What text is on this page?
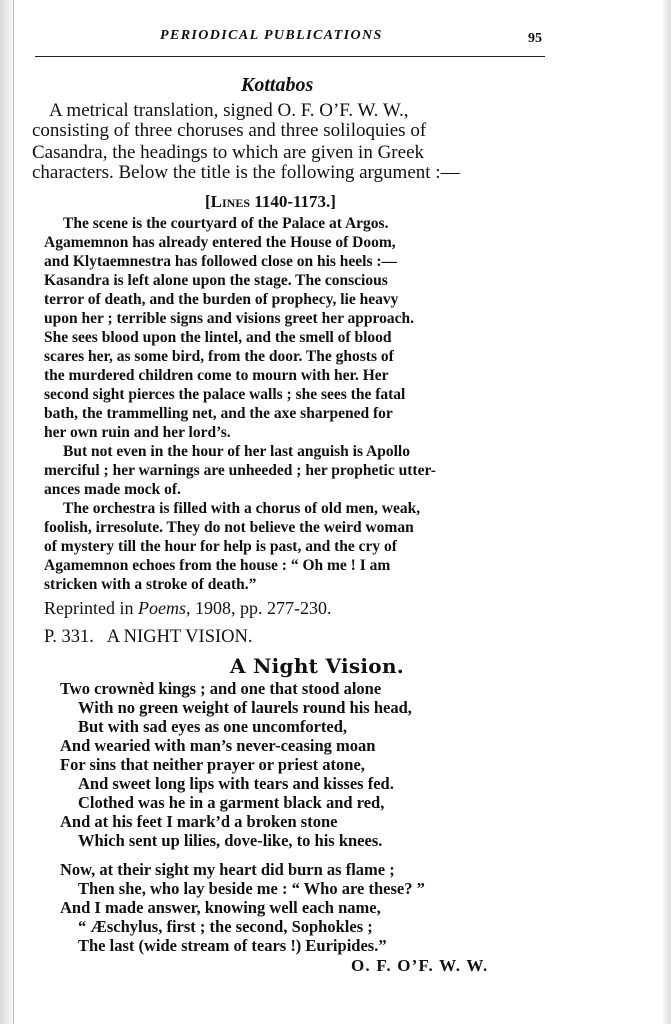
PERIODICAL PUBLICATIONS	95
Kottabos
A metrical translation, signed O. F. O’F. W. W.,
consisting of three choruses and three soliloquies of
Casandra, the headings to which are given in Greek
characters. Below the title is the following argument :—
[Lines 1140-1173.]
The scene is the courtyard of the Palace at Argos.
Agamemnon has already entered the House of Doom,
and Klytaemnestra has followed close on his heels :—
Kasandra is left alone upon the stage. The conscious
terror of death, and the burden of prophecy, lie heavy
upon her ; terrible signs and visions greet her approach.
She sees blood upon the lintel, and the smell of blood
scares her, as some bird, from the door. The ghosts of
the murdered children come to mourn with her. Her
second sight pierces the palace walls ; she sees the fatal
bath, the trammelling net, and the axe sharpened for
her own ruin and her lord’s.
But not even in the hour of her last anguish is Apollo
merciful ; her warnings are unheeded ; her prophetic utter-
ances made mock of.
The orchestra is filled with a chorus of old men, weak,
foolish, irresolute. They do not believe the weird woman
of mystery till the hour for help is past, and the cry of
Agamemnon echoes from the house : “ Oh me ! I am
stricken with a stroke of death.”
Reprinted in Poems, 1908, pp. 277-230.
P. 331.   A NIGHT VISION.
A Night Vision.
Two crownèd kings ; and one that stood alone
With no green weight of laurels round his head,
But with sad eyes as one uncomforted,
And wearied with man’s never-ceasing moan
For sins that neither prayer or priest atone,
And sweet long lips with tears and kisses fed.
Clothed was he in a garment black and red,
And at his feet I mark’d a broken stone
Which sent up lilies, dove-like, to his knees.
Now, at their sight my heart did burn as flame ;
Then she, who lay beside me : “ Who are these? ”
And I made answer, knowing well each name,
“ Æschylus, first ; the second, Sophokles ;
The last (wide stream of tears !) Euripides.”
O. F. O’F. W. W.
